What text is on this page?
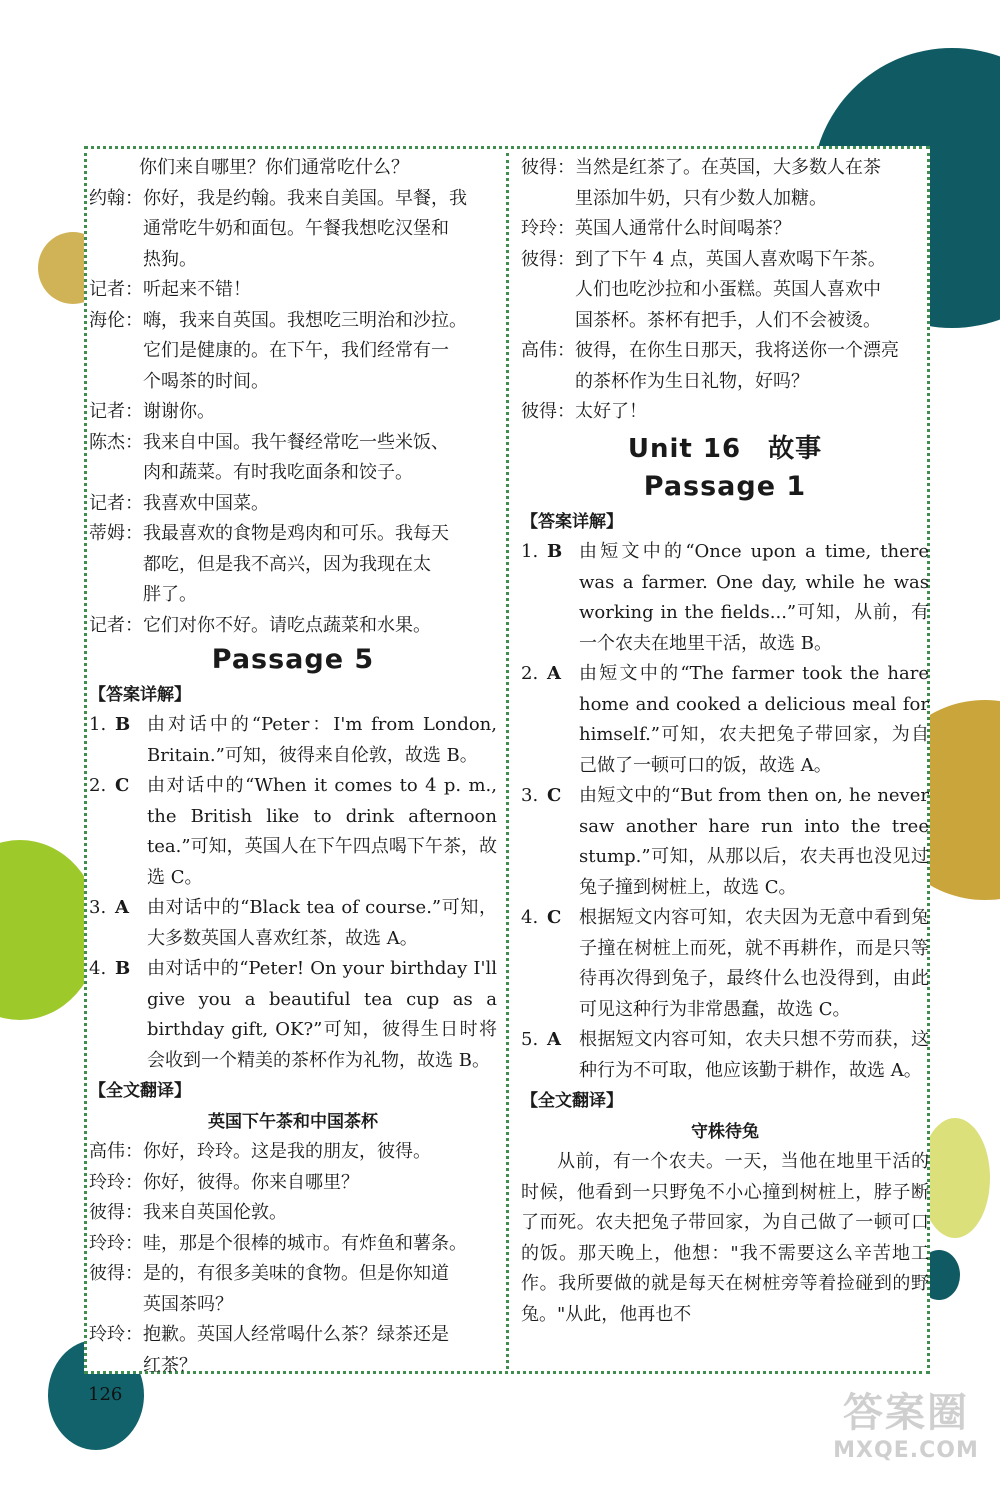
你们来自哪里？你们通常吃什么？

约翰： 你好，我是约翰。我来自美国。早餐，我

通常吃牛奶和面包。午餐我想吃汉堡和

热狗。

记者： 听起来不错！

海伦： 嗨，我来自英国。我想吃三明治和沙拉。

它们是健康的。在下午，我们经常有一

个喝茶的时间。

记者： 谢谢你。

陈杰： 我来自中国。我午餐经常吃一些米饭、

肉和蔬菜。有时我吃面条和饺子。

记者： 我喜欢中国菜。

蒂姆： 我最喜欢的食物是鸡肉和可乐。我每天

都吃，但是我不高兴，因为我现在太

胖了。

记者： 它们对你不好。请吃点蔬菜和水果。

Passage 5

【答案详解】

1. B 由对话中的“Peter：I'm from London, Britain.”可知，彼得来自伦敦，故选 B。
2. C 由对话中的“When it comes to 4 p. m., the British like to drink afternoon tea.”可知，英国人在下午四点喝下午茶，故选 C。
3. A	由对话中的“Black tea of course.”可知，大多数英国人喜欢红茶，故选 A。
4. B 由对话中的“Peter! On your birthday I'll give you a beautiful tea cup as a birthday gift, OK?”可知，彼得生日时将会收到一个精美的茶杯作为礼物，故选 B。

【全文翻译】

英国下午茶和中国茶杯

高伟： 你好，玲玲。这是我的朋友，彼得。

玲玲： 你好，彼得。你来自哪里？

彼得： 我来自英国伦敦。

玲玲： 哇，那是个很棒的城市。有炸鱼和薯条。

彼得： 是的，有很多美味的食物。但是你知道

英国茶吗？

玲玲： 抱歉。英国人经常喝什么茶？绿茶还是

红茶？

彼得： 当然是红茶了。在英国，大多数人在茶

里添加牛奶，只有少数人加糖。

玲玲： 英国人通常什么时间喝茶？

彼得： 到了下午 4 点，英国人喜欢喝下午茶。

人们也吃沙拉和小蛋糕。英国人喜欢中

国茶杯。茶杯有把手，人们不会被烫。

高伟： 彼得，在你生日那天，我将送你一个漂亮

的茶杯作为生日礼物，好吗？

彼得： 太好了！

Unit 16　故事
Passage 1

【答案详解】

1. B 由短文中的“Once upon a time, there was a farmer. One day, while he was working in the fields...”可知，从前，有一个农夫在地里干活，故选 B。
2. A	由短文中的“The farmer took the hare home and cooked a delicious meal for himself.”可知，农夫把兔子带回家，为自己做了一顿可口的饭，故选 A。
3. C 由短文中的“But from then on, he never saw another hare run into the tree stump.”可知，从那以后，农夫再也没见过兔子撞到树桩上，故选 C。
4. C 根据短文内容可知，农夫因为无意中看到兔子撞在树桩上而死，就不再耕作，而是只等待再次得到兔子，最终什么也没得到，由此可见这种行为非常愚蠢，故选 C。
5. A	根据短文内容可知，农夫只想不劳而获，这种行为不可取，他应该勤于耕作，故选 A。

【全文翻译】

守株待兔

从前，有一个农夫。一天，当他在地里干活的时候，他看到一只野兔不小心撞到树桩上，脖子断了而死。农夫把兔子带回家，为自己做了一顿可口的饭。那天晚上，他想："我不需要这么辛苦地工作。我所要做的就是每天在树桩旁等着捡碰到的野兔。"从此，他再也不

126	答案圈
MXQE.COM
